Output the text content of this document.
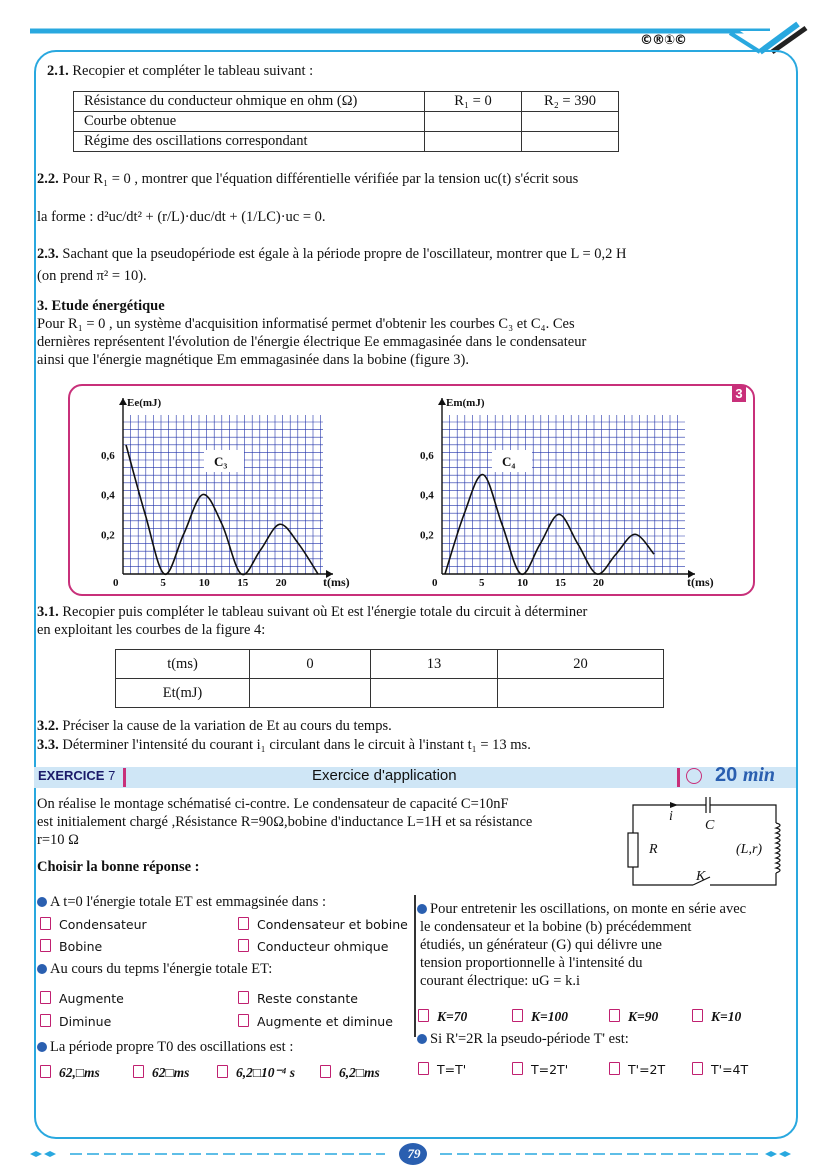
©®①©
2.1. Recopier et compléter le tableau suivant :
Résistance du conducteur ohmique en ohm (Ω)	R₁ = 0	R₂ = 390
Courbe obtenue		
Régime des oscillations correspondant		
2.2. Pour R₁ = 0 , montrer que l'équation différentielle vérifiée par la tension uc(t) s'écrit sous
la forme : d²uc/dt² + (r/L)·duc/dt + (1/LC)·uc = 0.
2.3. Sachant que la pseudopériode est égale à la période propre de l'oscillateur, montrer que L = 0,2 H
(on prend π² = 10).
3. Etude énergétique
Pour R₁ = 0 , un système d'acquisition informatisé permet d'obtenir les courbes C₃ et C₄. Ces
dernières représentent l'évolution de l'énergie électrique Ee emmagasinée dans le condensateur
ainsi que l'énergie magnétique Em emmagasinée dans la bobine (figure 3).
3
0	5	10 15 20
0,2
0,4
0,6
Ee(mJ)
t(ms)
C₃
0	5	10 15 20
0,2
0,4
0,6
Em(mJ)
t(ms)
C₄
3.1. Recopier puis compléter le tableau suivant où Et est l'énergie totale du circuit à déterminer
en exploitant les courbes de la figure 4:
t(ms)	0	13	20
Et(mJ)			
3.2. Préciser la cause de la variation de Et au cours du temps.
3.3. Déterminer l'intensité du courant i₁ circulant dans le circuit à l'instant t₁ = 13 ms.
EXERCICE 7	Exercice d'application	20 min
On réalise le montage schématisé ci-contre. Le condensateur de capacité C=10nF
est initialement chargé ,Résistance R=90Ω,bobine d'inductance L=1H et sa résistance
r=10 Ω
Choisir la bonne réponse :
i
C
R	(L,r)
K
A t=0 l'énergie totale ET est emmagsinée dans :
Condensateur	Condensateur et bobine
Bobine	Conducteur ohmique
Au cours du tepms l'énergie totale ET:
Augmente	Reste constante
Diminue	Augmente et diminue
La période propre T0 des oscillations est :
62,□ms	62□ms	6,2□10⁻⁴ s	6,2□ms
Pour entretenir les oscillations, on monte en série avec
le condensateur et la bobine (b) précédemment
étudiés, un générateur (G) qui délivre une
tension proportionnelle à l'intensité du
courant électrique: uG = k.i
K=70	K=100	K=90	K=10
Si R'=2R la pseudo-période T' est:
T=T'	T=2T'	T'=2T	T'=4T
79
